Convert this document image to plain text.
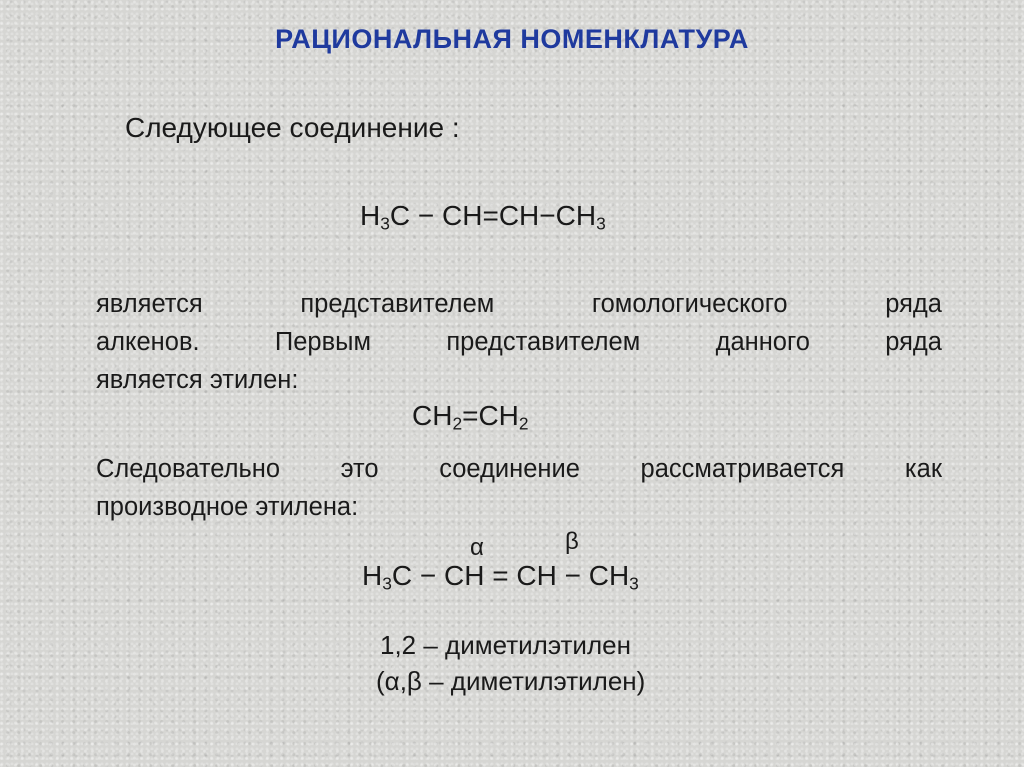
РАЦИОНАЛЬНАЯ НОМЕНКЛАТУРА
Следующее соединение :
$H_3C - CH=CH-CH_3$
является представителем гомологического ряда
алкенов. Первым представителем данного ряда
является этилен:
$CH_2=CH_2$
Следовательно это соединение рассматривается как
производное этилена:
α	β
$H_3C$ − CH = CH − $CH_3$
1,2 – диметилэтилен
(α,β – диметилэтилен)
